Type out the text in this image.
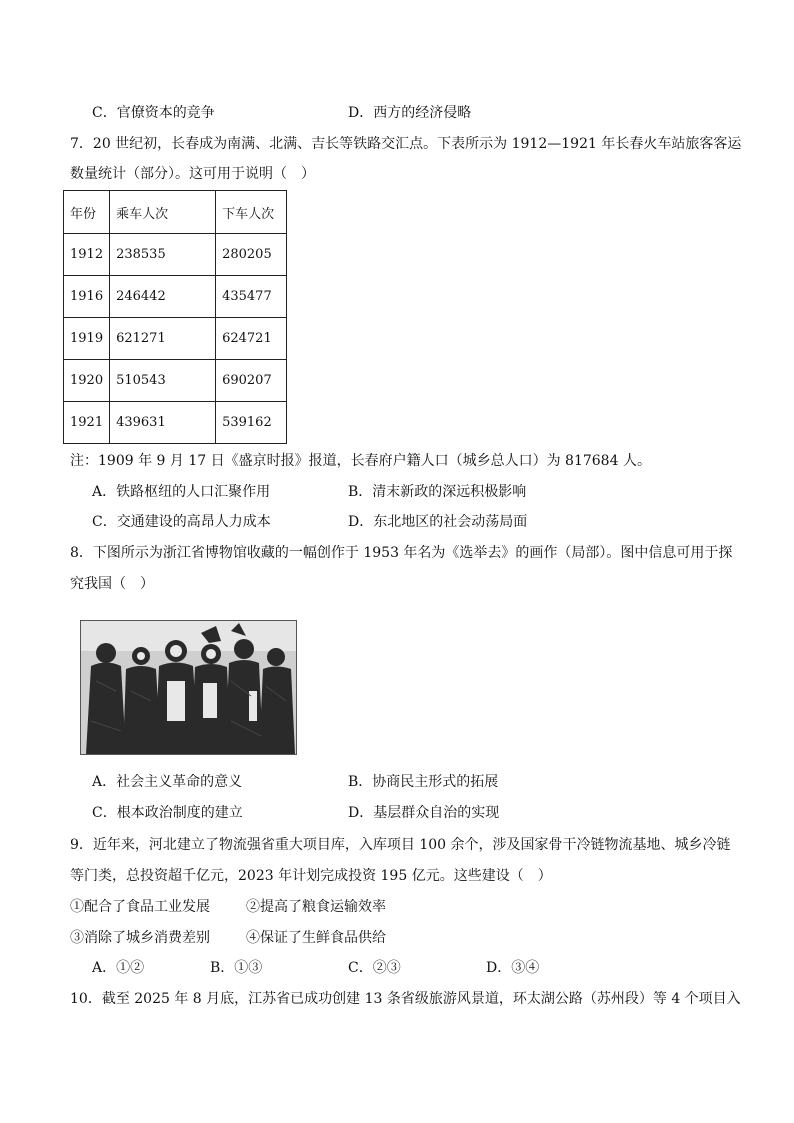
C．官僚资本的竞争	D．西方的经济侵略
7．20 世纪初，长春成为南满、北满、吉长等铁路交汇点。下表所示为 1912—1921 年长春火车站旅客客运
数量统计（部分）。这可用于说明（　）
年份	乘车人次	下车人次
1912	238535	280205
1916	246442	435477
1919	621271	624721
1920	510543	690207
1921	439631	539162
注：1909 年 9 月 17 日《盛京时报》报道，长春府户籍人口（城乡总人口）为 817684 人。
A．铁路枢纽的人口汇聚作用	B．清末新政的深远积极影响
C．交通建设的高昂人力成本	D．东北地区的社会动荡局面
8．下图所示为浙江省博物馆收藏的一幅创作于 1953 年名为《选举去》的画作（局部）。图中信息可用于探
究我国（　）
A．社会主义革命的意义	B．协商民主形式的拓展
C．根本政治制度的建立	D．基层群众自治的实现
9．近年来，河北建立了物流强省重大项目库，入库项目 100 余个，涉及国家骨干冷链物流基地、城乡冷链
等门类，总投资超千亿元，2023 年计划完成投资 195 亿元。这些建设（　）
①配合了食品工业发展	②提高了粮食运输效率
③消除了城乡消费差别	④保证了生鲜食品供给
A．①②	B．①③	C．②③	D．③④
10．截至 2025 年 8 月底，江苏省已成功创建 13 条省级旅游风景道，环太湖公路（苏州段）等 4 个项目入
